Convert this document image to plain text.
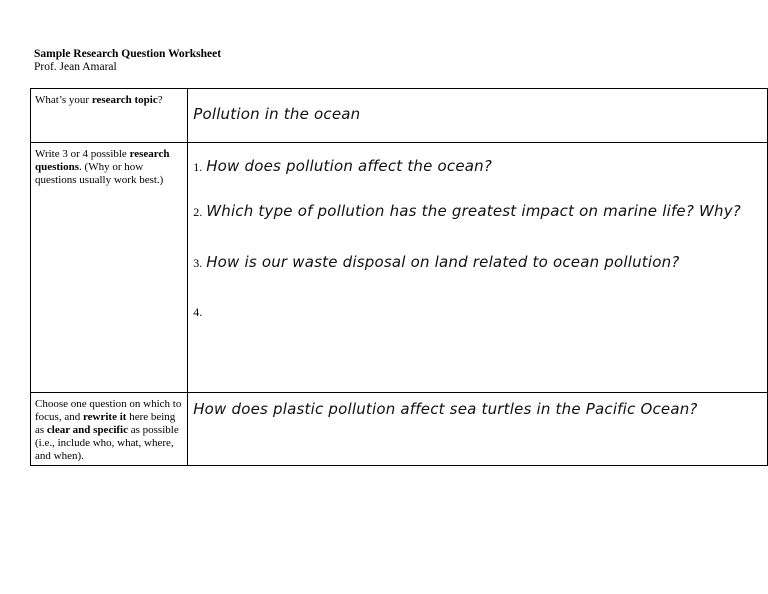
Sample Research Question Worksheet
Prof. Jean Amaral
What’s your research topic?	Pollution in the ocean
Write 3 or 4 possible research questions. (Why or how questions usually work best.)	1. How does pollution affect the ocean?
2. Which type of pollution has the greatest impact on marine life? Why?
3. How is our waste disposal on land related to ocean pollution?
4.

Choose one question on which to focus, and rewrite it here being as clear and specific as possible (i.e., include who, what, where, and when).	How does plastic pollution affect sea turtles in the Pacific Ocean?
